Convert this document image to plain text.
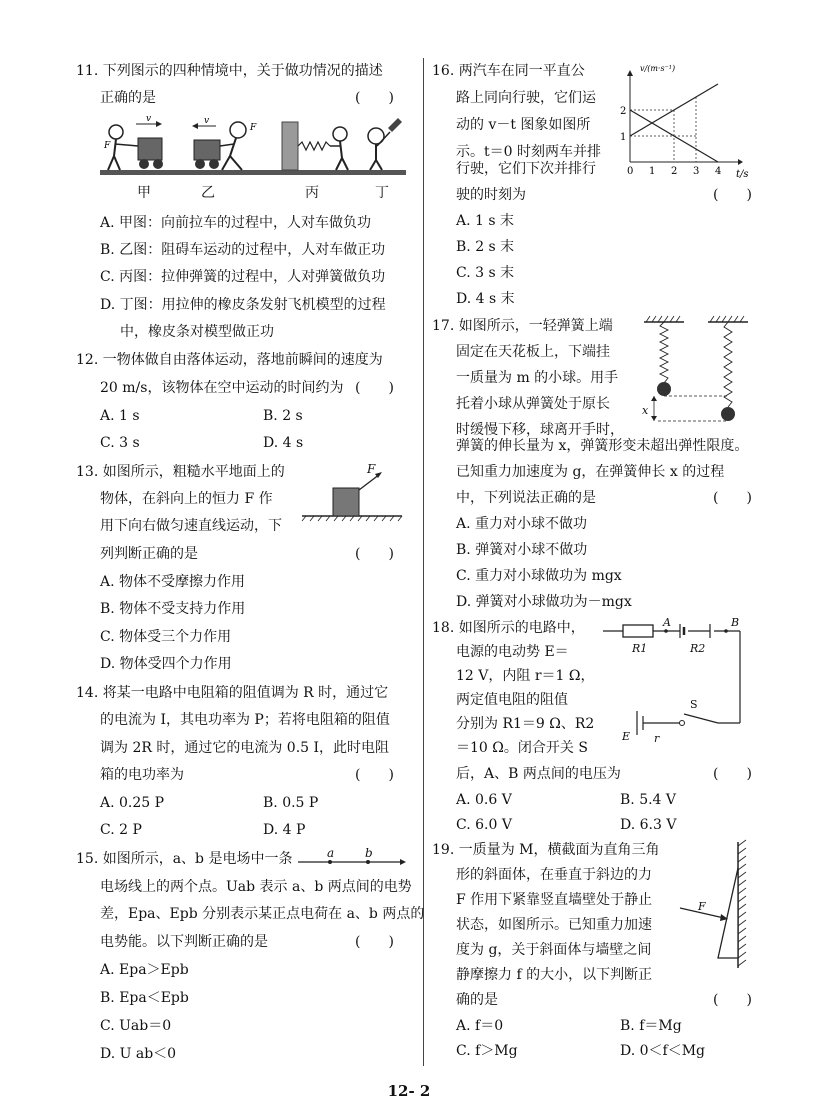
11. 下列图示的四种情境中，关于做功情况的描述
正确的是	(　　)
v
F
v
F
甲	乙	丙	丁
A. 甲图：向前拉车的过程中，人对车做负功
B. 乙图：阻碍车运动的过程中，人对车做正功
C. 丙图：拉伸弹簧的过程中，人对弹簧做负功
D. 丁图：用拉伸的橡皮条发射飞机模型的过程
中，橡皮条对模型做正功
12. 一物体做自由落体运动，落地前瞬间的速度为
20 m/s，该物体在空中运动的时间约为 (　　)
A. 1 s	B. 2 s
C. 3 s	D. 4 s
13. 如图所示，粗糙水平地面上的
物体，在斜向上的恒力 F 作
用下向右做匀速直线运动，下
列判断正确的是	(　　)
F
A. 物体不受摩擦力作用
B. 物体不受支持力作用
C. 物体受三个力作用
D. 物体受四个力作用
14. 将某一电路中电阻箱的阻值调为 R 时，通过它
的电流为 I，其电功率为 P；若将电阻箱的阻值
调为 2R 时，通过它的电流为 0.5 I，此时电阻
箱的电功率为	(　　)
A. 0.25 P	B. 0.5 P
C. 2 P	D. 4 P
15. 如图所示，a、b 是电场中一条	a	b
电场线上的两个点。Uab 表示 a、b 两点间的电势
差，Epa、Epb 分别表示某正点电荷在 a、b 两点的
电势能。以下判断正确的是	(　　)
A. Epa＞Epb
B. Epa＜Epb
C. Uab＝0
D. U ab＜0
16. 两汽车在同一平直公
路上同向行驶，它们运
动的 v－t 图象如图所
示。t＝0 时刻两车并排
行驶，它们下次并排行
驶的时刻为	(　　)
0 1 2 3 4
1
2
t/s
v/(m·s⁻¹)
A. 1 s 末
B. 2 s 末
C. 3 s 末
D. 4 s 末
17. 如图所示，一轻弹簧上端
固定在天花板上，下端挂
一质量为 m 的小球。用手
托着小球从弹簧处于原长
时缓慢下移，球离开手时，
弹簧的伸长量为 x，弹簧形变未超出弹性限度。
已知重力加速度为 g，在弹簧伸长 x 的过程
中，下列说法正确的是	(　　)
x
A. 重力对小球不做功
B. 弹簧对小球不做功
C. 重力对小球做功为 mgx
D. 弹簧对小球做功为－mgx
18. 如图所示的电路中，
电源的电动势 E＝
12 V，内阻 r＝1 Ω，
两定值电阻的阻值
分别为 R1＝9 Ω、R2
＝10 Ω。闭合开关 S
后，A、B 两点间的电压为	(　　)
R1	R2
A	B
S
E r
A. 0.6 V	B. 5.4 V
C. 6.0 V	D. 6.3 V
19. 一质量为 M，横截面为直角三角
形的斜面体，在垂直于斜边的力
F 作用下紧靠竖直墙壁处于静止
状态，如图所示。已知重力加速
度为 g，关于斜面体与墙壁之间
静摩擦力 f 的大小，以下判断正
确的是	(　　)
F
A. f＝0	B. f＝Mg
C. f＞Mg	D. 0＜f＜Mg
12- 2
